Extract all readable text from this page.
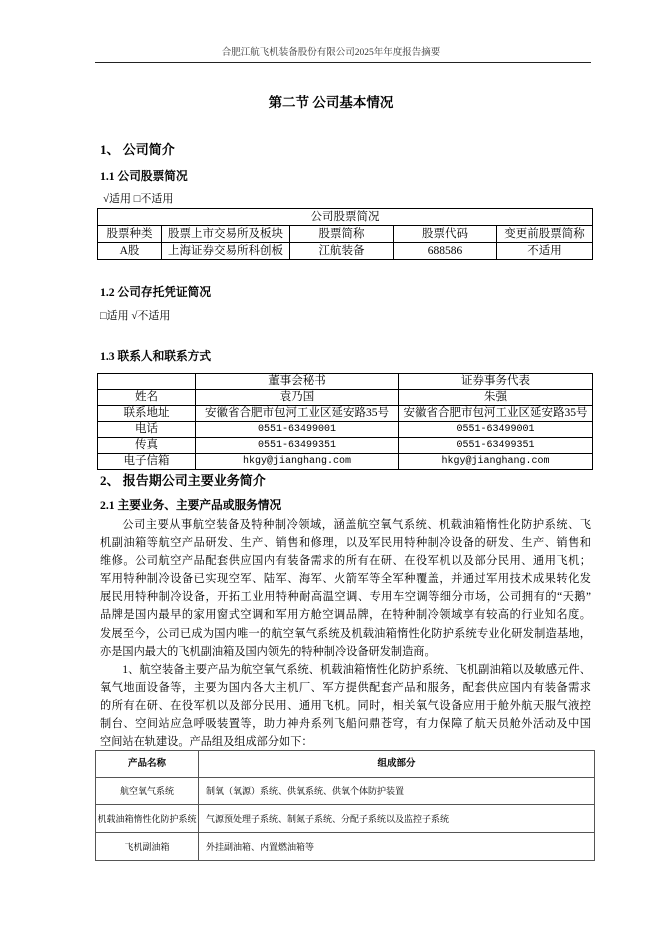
合肥江航飞机装备股份有限公司2025年年度报告摘要
第二节 公司基本情况
1、 公司简介
1.1 公司股票简况
√适用 □不适用
公司股票简况				
股票种类	股票上市交易所及板块	股票简称	股票代码	变更前股票简称
A股	上海证券交易所科创板	江航装备	688586	不适用
1.2 公司存托凭证简况
□适用 √不适用
1.3 联系人和联系方式
	董事会秘书	证券事务代表
姓名	袁乃国	朱强
联系地址	安徽省合肥市包河工业区延安路35号	安徽省合肥市包河工业区延安路35号
电话	0551-63499001	0551-63499001
传真	0551-63499351	0551-63499351
电子信箱	hkgy@jianghang.com	hkgy@jianghang.com
2、 报告期公司主要业务简介
2.1 主要业务、主要产品或服务情况
公司主要从事航空装备及特种制冷领域，涵盖航空氧气系统、机载油箱惰性化防护系统、飞
机副油箱等航空产品研发、生产、销售和修理，以及军民用特种制冷设备的研发、生产、销售和
维修。公司航空产品配套供应国内有装备需求的所有在研、在役军机以及部分民用、通用飞机；
军用特种制冷设备已实现空军、陆军、海军、火箭军等全军种覆盖，并通过军用技术成果转化发
展民用特种制冷设备，开拓工业用特种耐高温空调、专用车空调等细分市场，公司拥有的“天鹅”
品牌是国内最早的家用窗式空调和军用方舱空调品牌，在特种制冷领域享有较高的行业知名度。
发展至今，公司已成为国内唯一的航空氧气系统及机载油箱惰性化防护系统专业化研发制造基地，
亦是国内最大的飞机副油箱及国内领先的特种制冷设备研发制造商。
1、航空装备主要产品为航空氧气系统、机载油箱惰性化防护系统、飞机副油箱以及敏感元件、
氧气地面设备等，主要为国内各大主机厂、军方提供配套产品和服务，配套供应国内有装备需求
的所有在研、在役军机以及部分民用、通用飞机。同时，相关氧气设备应用于舱外航天服气液控
制台、空间站应急呼吸装置等，助力神舟系列飞船问鼎苍穹，有力保障了航天员舱外活动及中国
空间站在轨建设。产品组及组成部分如下：
产品名称	组成部分
航空氧气系统	制氧（氧源）系统、供氧系统、供氧个体防护装置
机载油箱惰性化防护系统	气源预处理子系统、制氮子系统、分配子系统以及监控子系统
飞机副油箱	外挂副油箱、内置燃油箱等
